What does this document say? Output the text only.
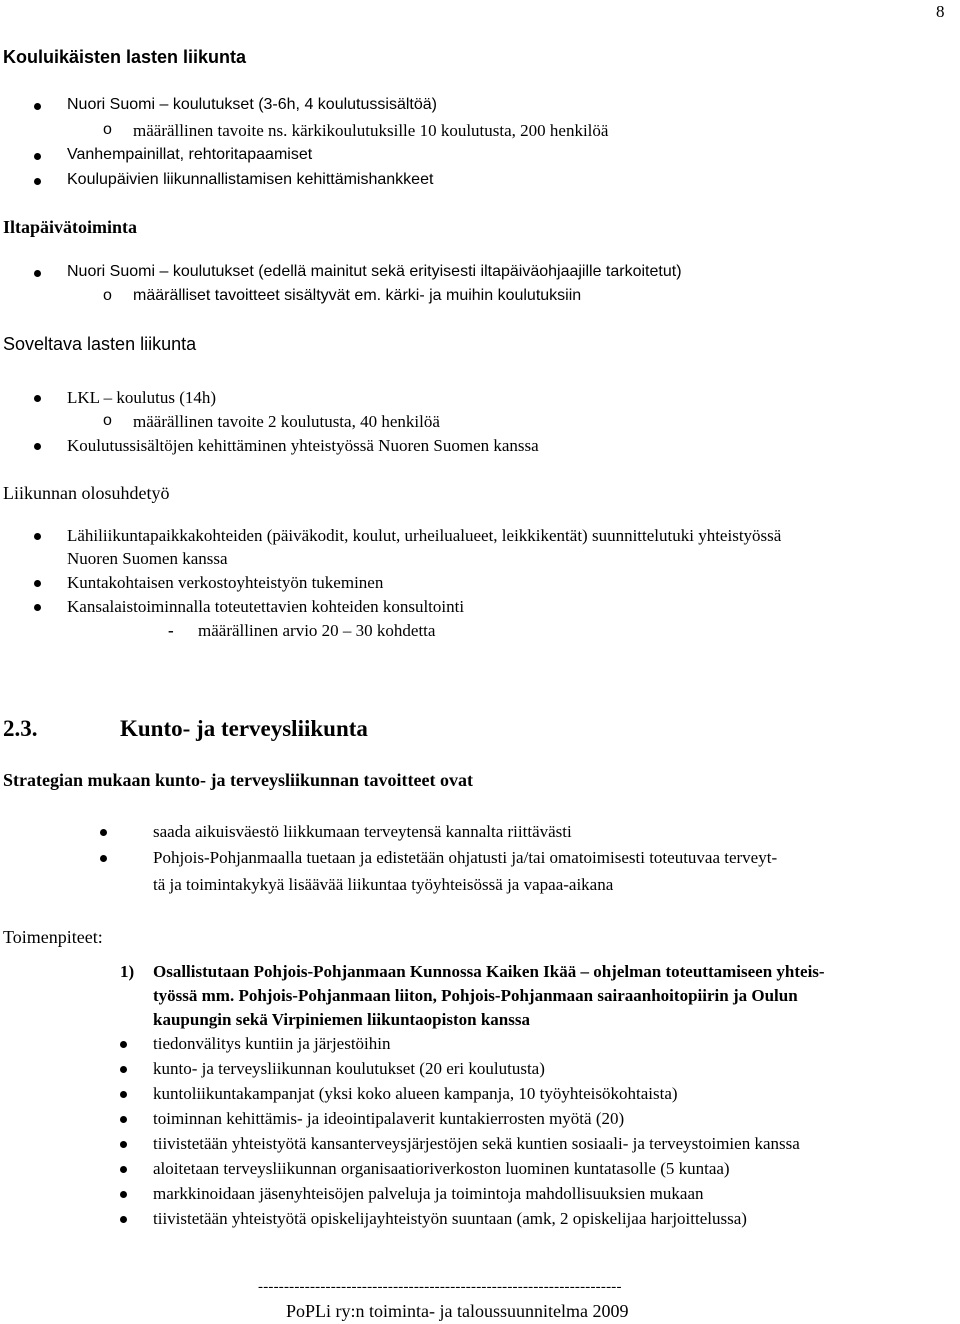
8
Kouluikäisten lasten liikunta
Nuori Suomi – koulutukset (3-6h, 4 koulutussisältöä)
o määrällinen tavoite ns. kärkikoulutuksille 10 koulutusta, 200 henkilöä
Vanhempainillat, rehtoritapaamiset
Koulupäivien liikunnallistamisen kehittämishankkeet
Iltapäivätoiminta
Nuori Suomi – koulutukset (edellä mainitut sekä erityisesti iltapäiväohjaajille tarkoitetut)
o määrälliset tavoitteet sisältyvät em. kärki- ja muihin koulutuksiin
Soveltava lasten liikunta
LKL – koulutus (14h)
o määrällinen tavoite 2 koulutusta, 40 henkilöä
Koulutussisältöjen kehittäminen yhteistyössä Nuoren Suomen kanssa
Liikunnan olosuhdetyö
Lähiliikuntapaikkakohteiden (päiväkodit, koulut, urheilualueet, leikkikentät) suunnittelutuki yhteistyössä
Nuoren Suomen kanssa
Kuntakohtaisen verkostoyhteistyön tukeminen
Kansalaistoiminnalla toteutettavien kohteiden konsultointi
- määrällinen arvio 20 – 30 kohdetta
2.3.	Kunto- ja terveysliikunta
Strategian mukaan kunto- ja terveysliikunnan tavoitteet ovat
saada aikuisväestö liikkumaan terveytensä kannalta riittävästi
Pohjois-Pohjanmaalla tuetaan ja edistetään ohjatusti ja/tai omatoimisesti toteutuvaa terveyt-
tä ja toimintakykyä lisäävää liikuntaa työyhteisössä ja vapaa-aikana
Toimenpiteet:
1) Osallistutaan Pohjois-Pohjanmaan Kunnossa Kaiken Ikää – ohjelman toteuttamiseen yhteis-
työssä mm. Pohjois-Pohjanmaan liiton, Pohjois-Pohjanmaan sairaanhoitopiirin ja Oulun
kaupungin sekä Virpiniemen liikuntaopiston kanssa
tiedonvälitys kuntiin ja järjestöihin
kunto- ja terveysliikunnan koulutukset (20 eri koulutusta)
kuntoliikuntakampanjat (yksi koko alueen kampanja, 10 työyhteisökohtaista)
toiminnan kehittämis- ja ideointipalaverit kuntakierrosten myötä (20)
tiivistetään yhteistyötä kansanterveysjärjestöjen sekä kuntien sosiaali- ja terveystoimien kanssa
aloitetaan terveysliikunnan organisaatioriverkoston luominen kuntatasolle (5 kuntaa)
markkinoidaan jäsenyhteisöjen palveluja ja toimintoja mahdollisuuksien mukaan
tiivistetään yhteistyötä opiskelijayhteistyön suuntaan (amk, 2 opiskelijaa harjoittelussa)
----------------------------------------------------------------------
PoPLi ry:n toiminta- ja taloussuunnitelma 2009
